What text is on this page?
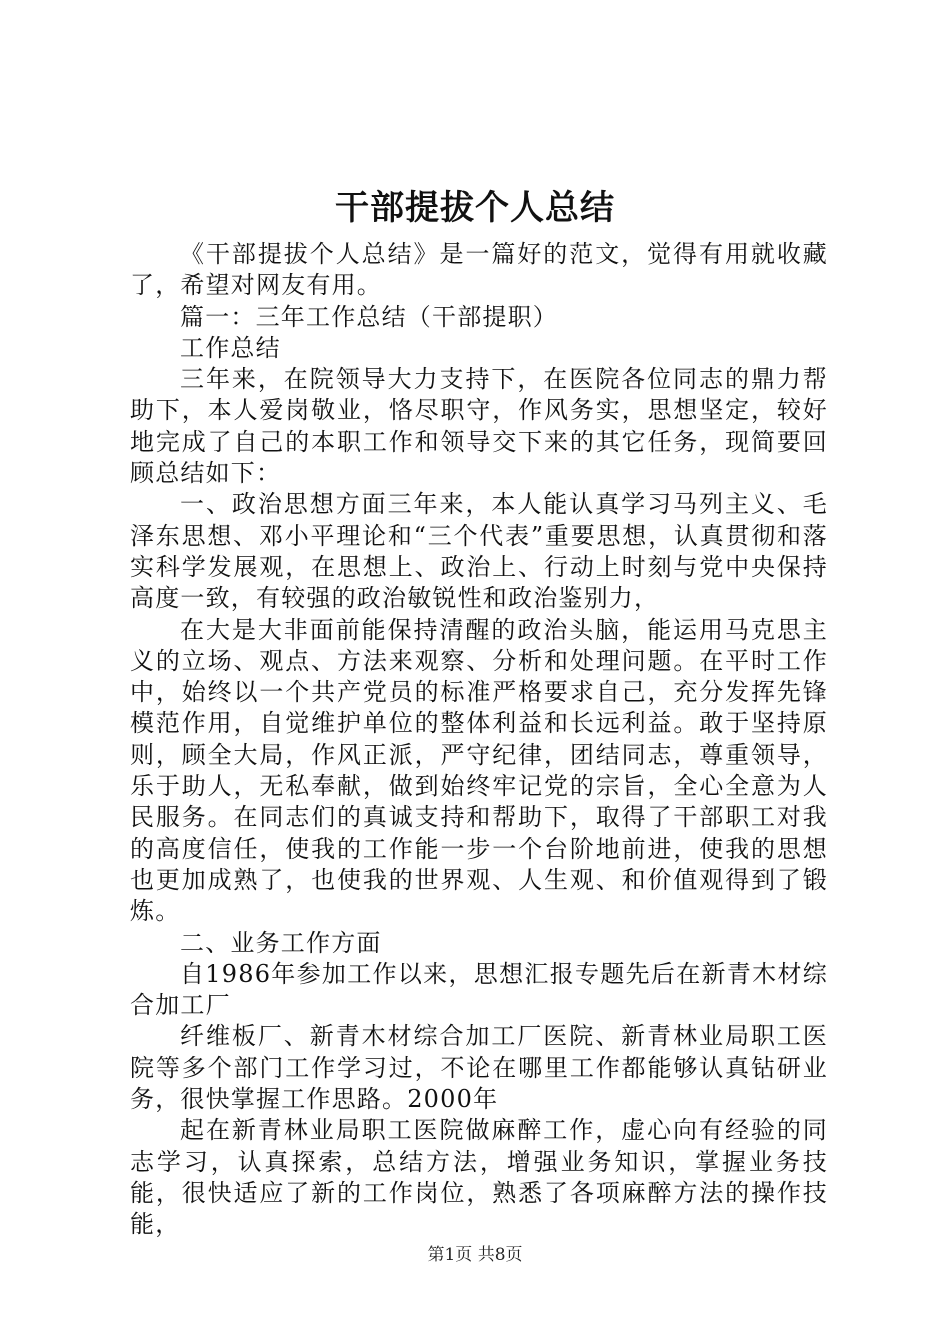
干部提拔个人总结

《干部提拔个人总结》是一篇好的范文，觉得有用就收藏了，希望对网友有用。

篇一：三年工作总结（干部提职）

工作总结

三年来，在院领导大力支持下，在医院各位同志的鼎力帮助下，本人爱岗敬业，恪尽职守，作风务实，思想坚定，较好地完成了自己的本职工作和领导交下来的其它任务，现简要回顾总结如下：

一、政治思想方面三年来，本人能认真学习马列主义、毛泽东思想、邓小平理论和“三个代表”重要思想，认真贯彻和落实科学发展观，在思想上、政治上、行动上时刻与党中央保持高度一致，有较强的政治敏锐性和政治鉴别力，

在大是大非面前能保持清醒的政治头脑，能运用马克思主义的立场、观点、方法来观察、分析和处理问题。在平时工作中，始终以一个共产党员的标准严格要求自己，充分发挥先锋模范作用，自觉维护单位的整体利益和长远利益。敢于坚持原则，顾全大局，作风正派，严守纪律，团结同志，尊重领导，乐于助人，无私奉献，做到始终牢记党的宗旨，全心全意为人民服务。在同志们的真诚支持和帮助下，取得了干部职工对我的高度信任，使我的工作能一步一个台阶地前进，使我的思想也更加成熟了，也使我的世界观、人生观、和价值观得到了锻炼。

二、业务工作方面

自1986年参加工作以来，思想汇报专题先后在新青木材综合加工厂

纤维板厂、新青木材综合加工厂医院、新青林业局职工医院等多个部门工作学习过，不论在哪里工作都能够认真钻研业务，很快掌握工作思路。2000年

起在新青林业局职工医院做麻醉工作，虚心向有经验的同志学习，认真探索，总结方法，增强业务知识，掌握业务技能，很快适应了新的工作岗位，熟悉了各项麻醉方法的操作技能，

第1页 共8页
